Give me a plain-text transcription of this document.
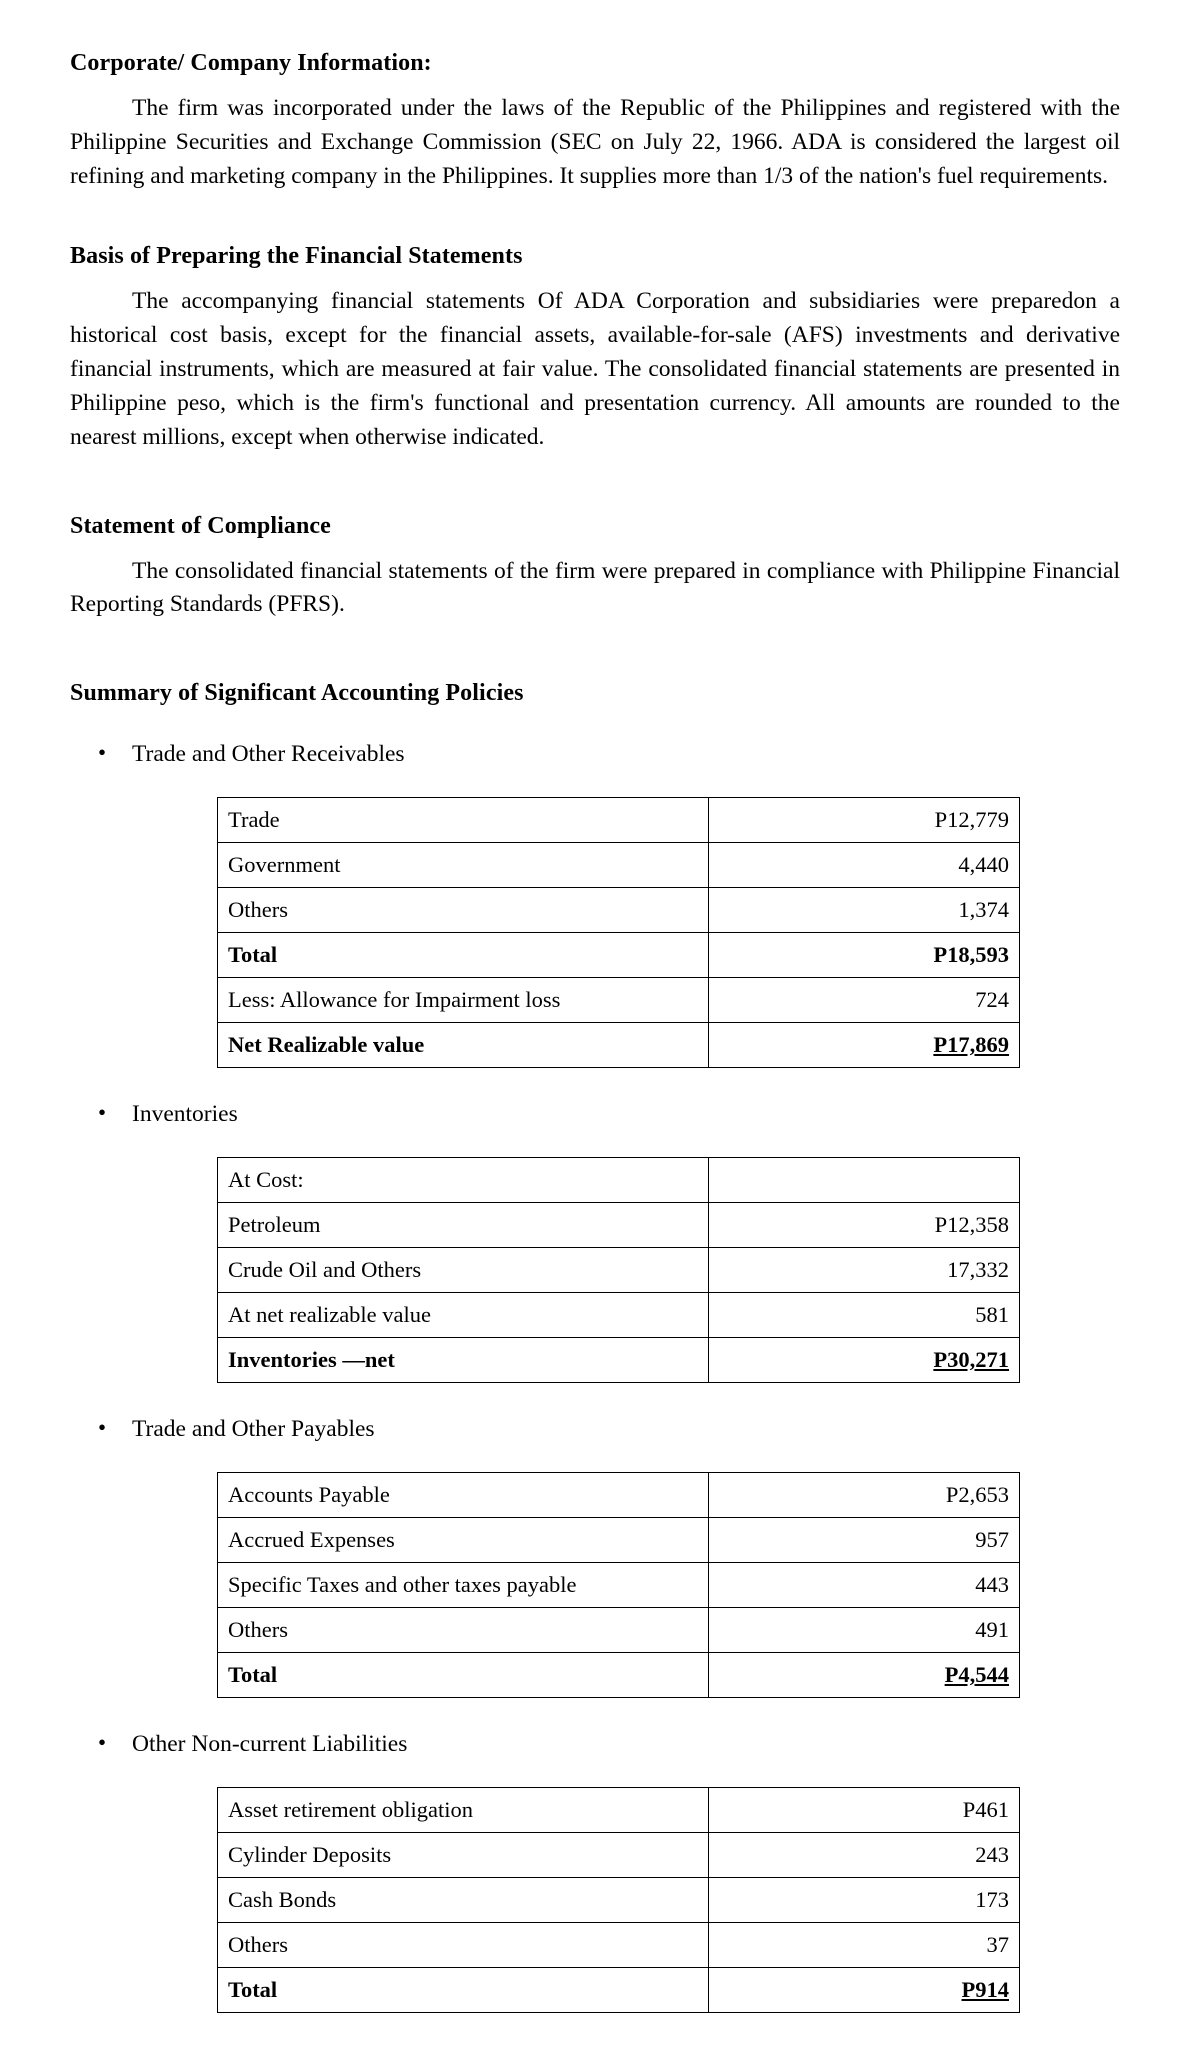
Corporate/ Company Information:

The firm was incorporated under the laws of the Republic of the Philippines and registered with the Philippine Securities and Exchange Commission (SEC on July 22, 1966. ADA is considered the largest oil refining and marketing company in the Philippines. It supplies more than 1/3 of the nation's fuel requirements.

Basis of Preparing the Financial Statements

The accompanying financial statements Of ADA Corporation and subsidiaries were preparedon a historical cost basis, except for the financial assets, available-for-sale (AFS) investments and derivative financial instruments, which are measured at fair value. The consolidated financial statements are presented in Philippine peso, which is the firm's functional and presentation currency. All amounts are rounded to the nearest millions, except when otherwise indicated.

Statement of Compliance

The consolidated financial statements of the firm were prepared in compliance with Philippine Financial Reporting Standards (PFRS).

Summary of Significant Accounting Policies
• Trade and Other Receivables
Trade	P12,779
Government	4,440
Others	1,374
Total	P18,593
Less: Allowance for Impairment loss	724
Net Realizable value	P17,869
• Inventories
At Cost:	
Petroleum	P12,358
Crude Oil and Others	17,332
At net realizable value	581
Inventories —net	P30,271
• Trade and Other Payables
Accounts Payable	P2,653
Accrued Expenses	957
Specific Taxes and other taxes payable	443
Others	491
Total	P4,544
• Other Non-current Liabilities
Asset retirement obligation	P461
Cylinder Deposits	243
Cash Bonds	173
Others	37
Total	P914
